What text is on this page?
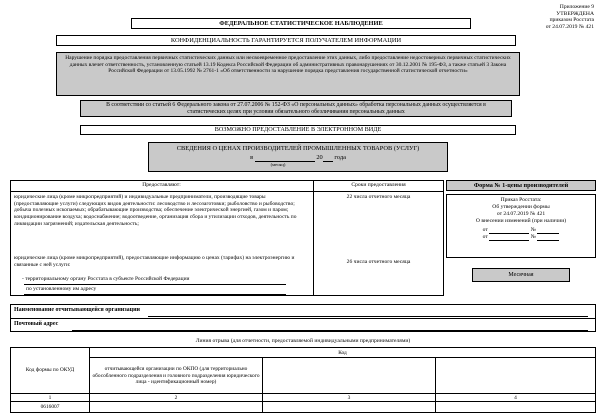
Приложение 9
УТВЕРЖДЕНА
приказом Росстата
от 24.07.2019 № 421
ФЕДЕРАЛЬНОЕ СТАТИСТИЧЕСКОЕ НАБЛЮДЕНИЕ
КОНФИДЕНЦИАЛЬНОСТЬ ГАРАНТИРУЕТСЯ ПОЛУЧАТЕЛЕМ ИНФОРМАЦИИ
Нарушение порядка предоставления первичных статистических данных или несвоевременное предоставление этих данных, либо предоставление недостоверных первичных статистических данных влечет ответственность, установленную статьей 13.19 Кодекса Российской Федерации об административных правонарушениях от 30.12.2001 № 195-ФЗ, а также статьей 3 Закона Российской Федерации от 13.05.1992 № 2761-1 «Об ответственности за нарушение порядка представления государственной статистической отчетности»
В соответствии со статьей 6 Федерального закона от 27.07.2006 № 152-ФЗ «О персональных данных» обработка персональных данных осуществляется в статистических целях при условии обязательного обезличивания персональных данных
ВОЗМОЖНО ПРЕДОСТАВЛЕНИЕ В ЭЛЕКТРОННОМ ВИДЕ
СВЕДЕНИЯ О ЦЕНАХ ПРОИЗВОДИТЕЛЕЙ ПРОМЫШЛЕННЫХ ТОВАРОВ (УСЛУГ)
в	20 года
(месяц)
Предоставляют:	Сроки предоставления
юридические лица (кроме микропредприятий) и индивидуальные предприниматели, производящие товары (предоставляющие услуги) следующих видов деятельности: лесоводство и лесозаготовки; рыболовство и рыбоводство; добыча полезных ископаемых; обрабатывающие производства; обеспечение электрической энергией, газом и паром; кондиционирование воздуха; водоснабжение; водоотведение, организация сбора и утилизации отходов, деятельность по ликвидации загрязнений; издательская деятельность;
22 числа отчетного месяца
юридические лица (кроме микропредприятий), предоставляющие информацию о ценах (тарифах) на электроэнергию и связанные с ней услуги:	26 числа отчетного месяца
- территориальному органу Росстата в субъекте Российской Федерации
по установленному им адресу
Форма № 1-цены производителей
Приказ Росстата:
Об утверждении формы
от 24.07.2019 № 421
О внесении изменений (при наличии)
от	№
от	№
Месячная
Наименование отчитывающейся организации
Почтовый адрес
Линия отрыва (для отчетности, предоставляемой индивидуальными предпринимателями)
Код формы по ОКУД	Код		
	отчитывающейся организации по ОКПО (для территориально обособленного подразделения и головного подразделения юридического лица - идентификационный номер)		
1	2	3	4
0616007			
